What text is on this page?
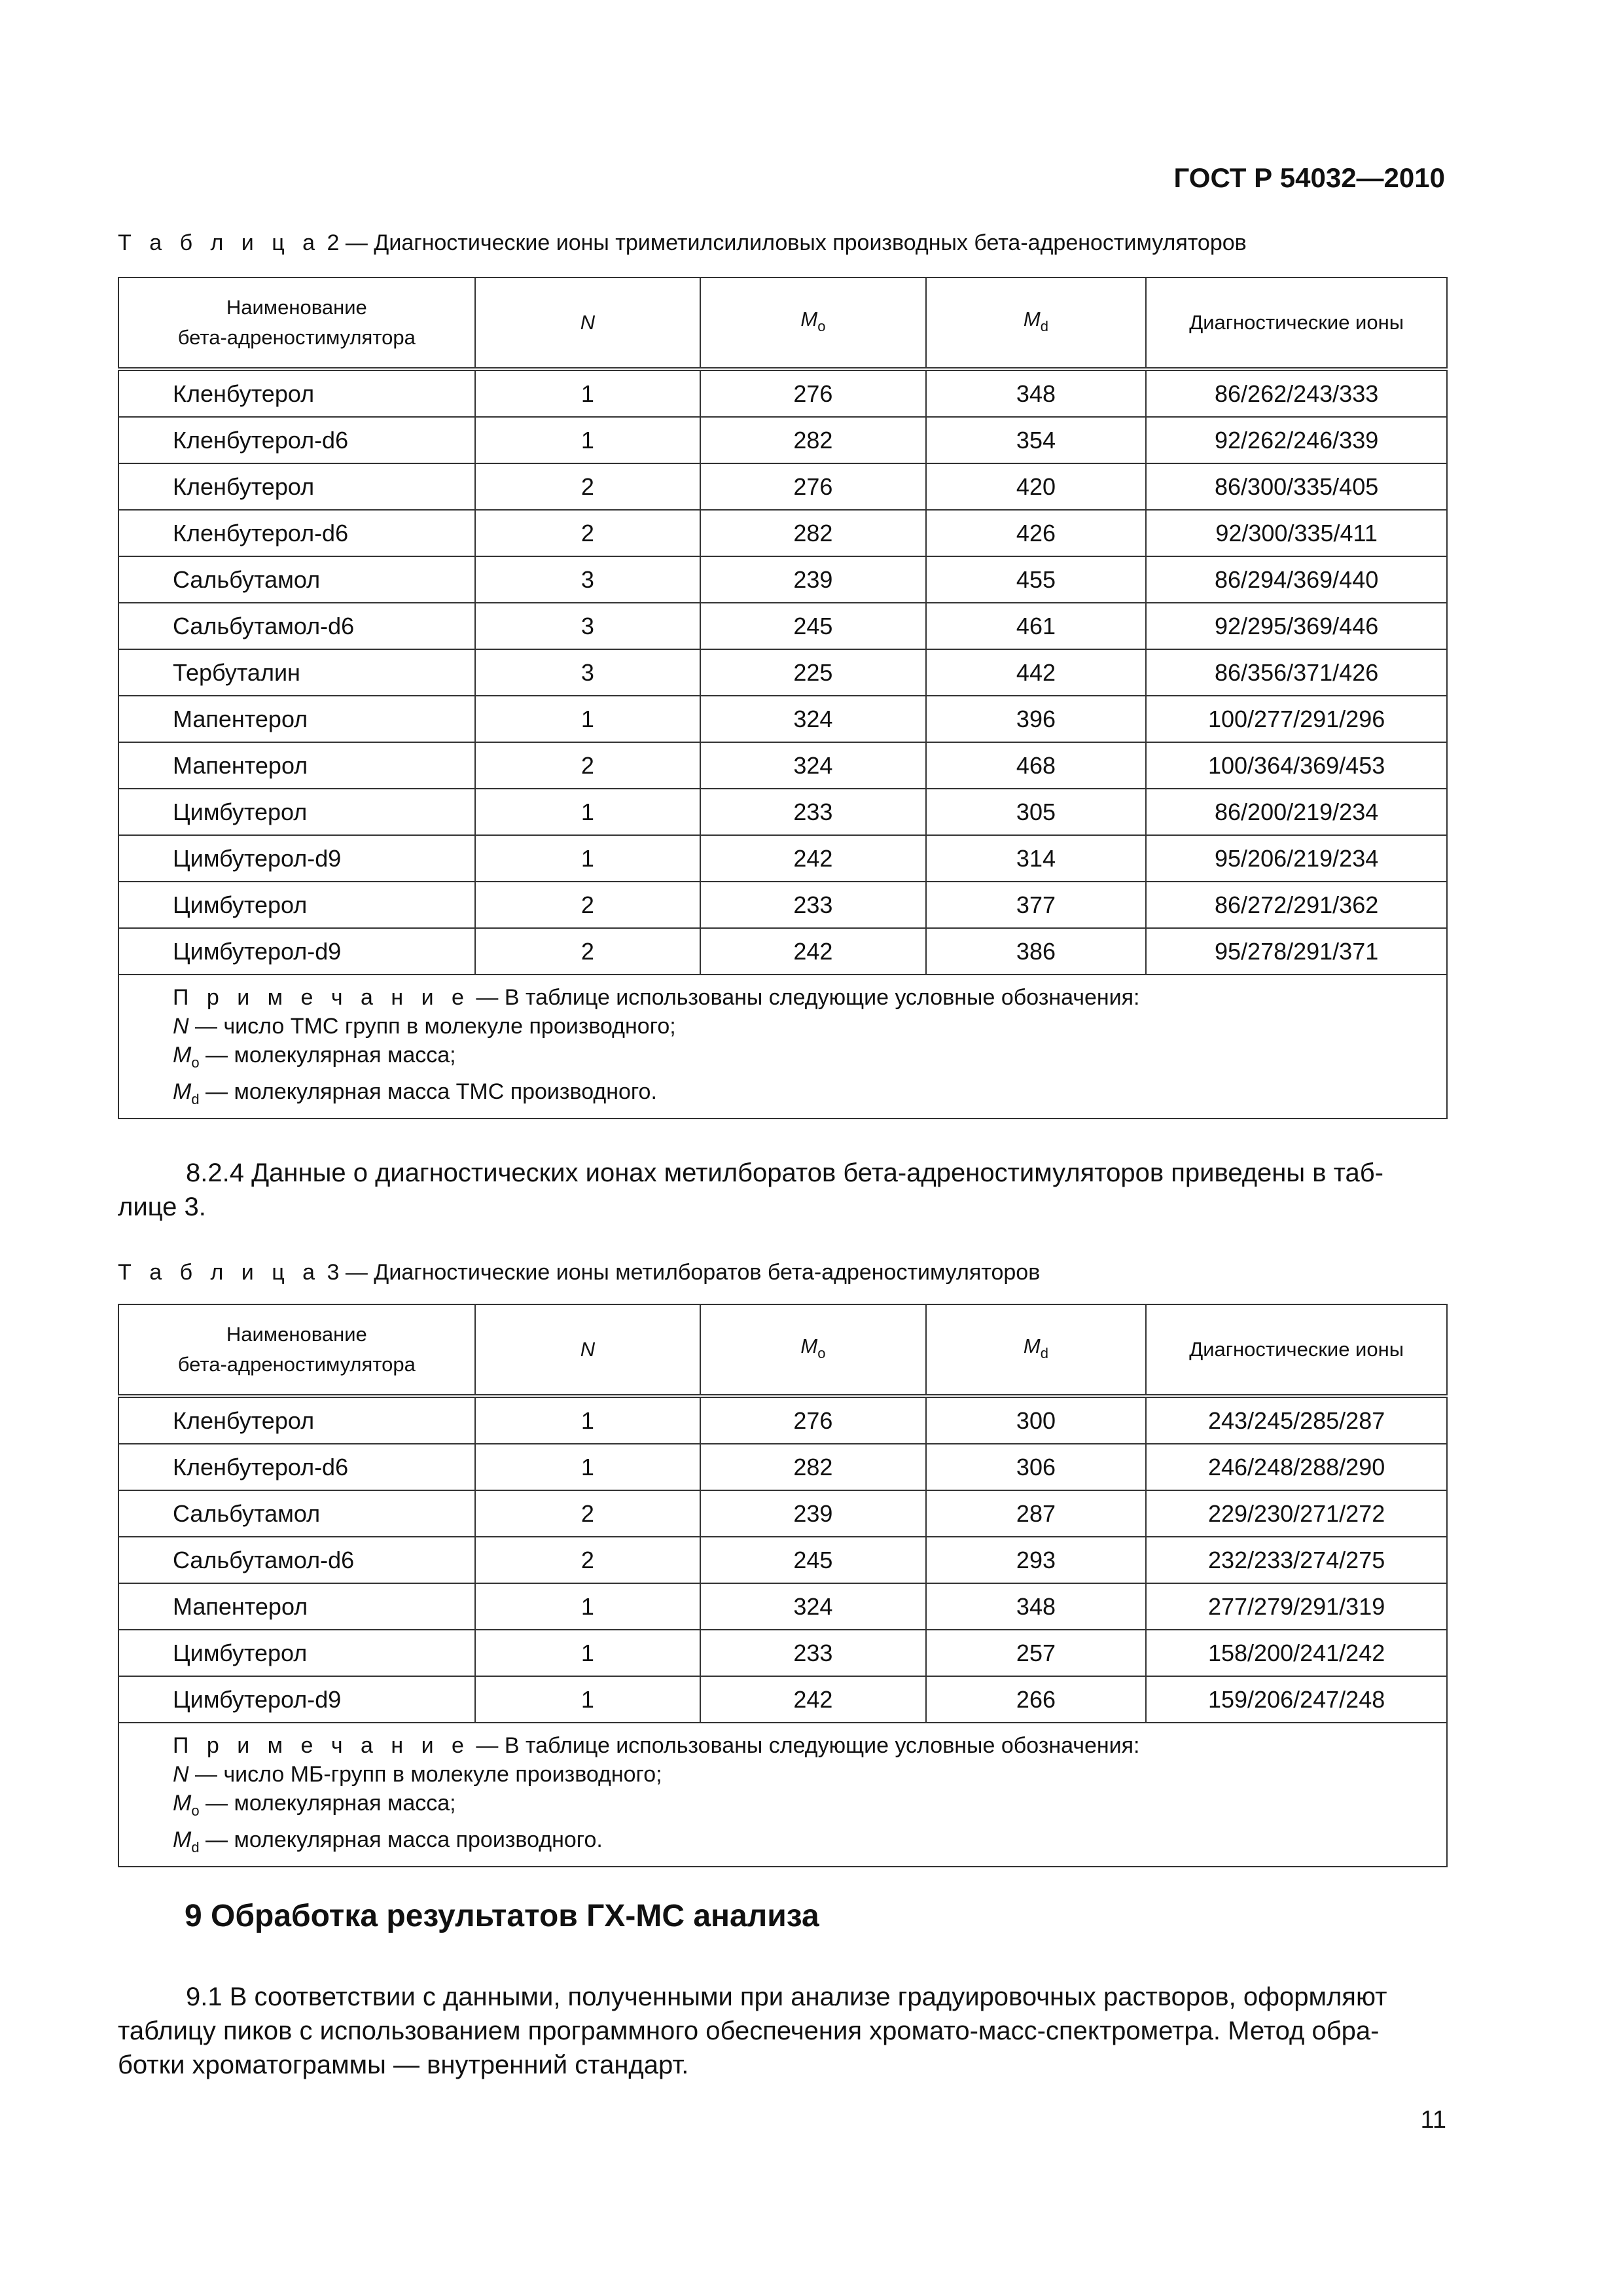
ГОСТ Р 54032—2010
Т а б л и ц а 2 — Диагностические ионы триметилсилиловых производных бета-адреностимуляторов
Наименование
бета-адреностимулятора	N	$M_o$	$M_d$	Диагностические ионы
Кленбутерол	1	276	348	86/262/243/333
Кленбутерол-d6	1	282	354	92/262/246/339
Кленбутерол	2	276	420	86/300/335/405
Кленбутерол-d6	2	282	426	92/300/335/411
Сальбутамол	3	239	455	86/294/369/440
Сальбутамол-d6	3	245	461	92/295/369/446
Тербуталин	3	225	442	86/356/371/426
Мапентерол	1	324	396	100/277/291/296
Мапентерол	2	324	468	100/364/369/453
Цимбутерол	1	233	305	86/200/219/234
Цимбутерол-d9	1	242	314	95/206/219/234
Цимбутерол	2	233	377	86/272/291/362
Цимбутерол-d9	2	242	386	95/278/291/371

П р и м е ч а н и е — В таблице использованы следующие условные обозначения:
N — число ТМС групп в молекуле производного;
$M_o$ — молекулярная масса;
$M_d$ — молекулярная масса ТМС производного.				
8.2.4 Данные о диагностических ионах метилборатов бета-адреностимуляторов приведены в таб-
лице 3.
Т а б л и ц а 3 — Диагностические ионы метилборатов бета-адреностимуляторов
Наименование
бета-адреностимулятора	N	$M_o$	$M_d$	Диагностические ионы
Кленбутерол	1	276	300	243/245/285/287
Кленбутерол-d6	1	282	306	246/248/288/290
Сальбутамол	2	239	287	229/230/271/272
Сальбутамол-d6	2	245	293	232/233/274/275
Мапентерол	1	324	348	277/279/291/319
Цимбутерол	1	233	257	158/200/241/242
Цимбутерол-d9	1	242	266	159/206/247/248

П р и м е ч а н и е — В таблице использованы следующие условные обозначения:
N — число МБ-групп в молекуле производного;
$M_o$ — молекулярная масса;
$M_d$ — молекулярная масса производного.				
9 Обработка результатов ГХ-МС анализа
9.1 В соответствии с данными, полученными при анализе градуировочных растворов, оформляют
таблицу пиков с использованием программного обеспечения хромато-масс-спектрометра. Метод обра-
ботки хроматограммы — внутренний стандарт.
11
